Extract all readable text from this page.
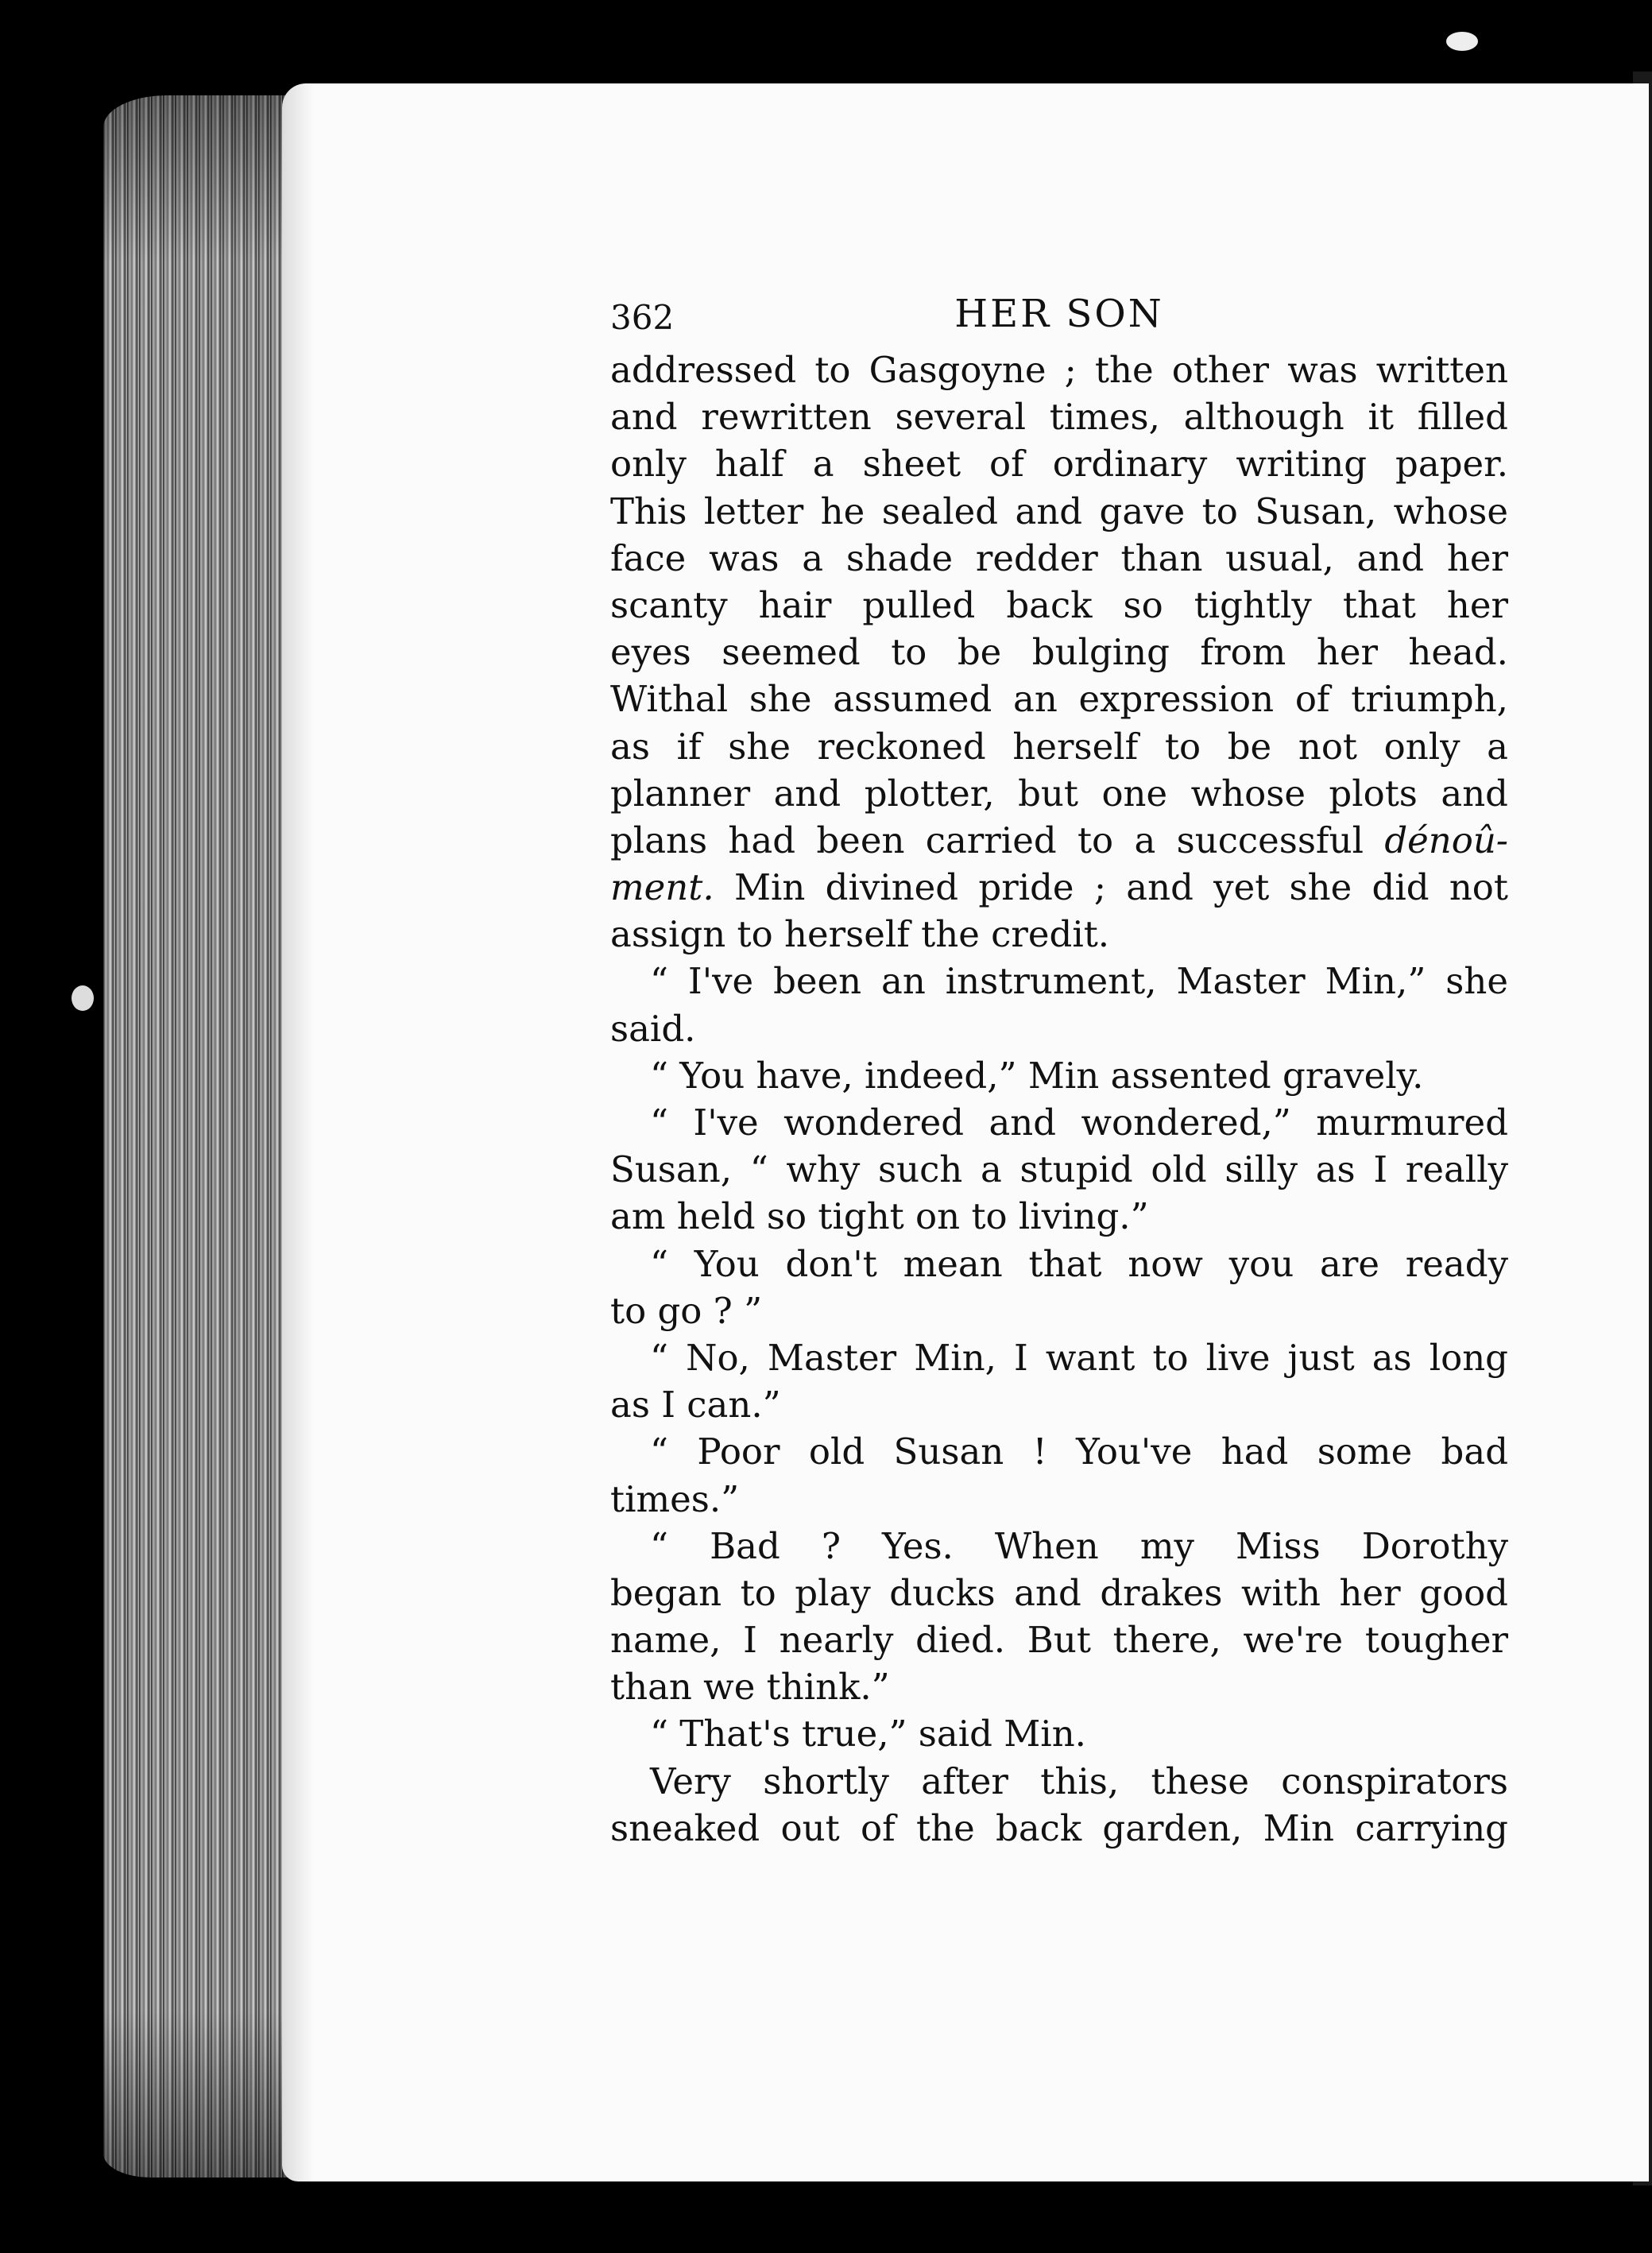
362	HER SON
addressed to Gasgoyne ; the other was written
and rewritten several times, although it filled
only half a sheet of ordinary writing paper.
This letter he sealed and gave to Susan, whose
face was a shade redder than usual, and her
scanty hair pulled back so tightly that her
eyes seemed to be bulging from her head.
Withal she assumed an expression of triumph,
as if she reckoned herself to be not only a
planner and plotter, but one whose plots and
plans had been carried to a successful dénoû-
ment. Min divined pride ; and yet she did not
assign to herself the credit.
“ I've been an instrument, Master Min,” she
said.
“ You have, indeed,” Min assented gravely.
“ I've wondered and wondered,” murmured
Susan, “ why such a stupid old silly as I really
am held so tight on to living.”
“ You don't mean that now you are ready
to go ? ”
“ No, Master Min, I want to live just as long
as I can.”
“ Poor old Susan ! You've had some bad
times.”
“ Bad ? Yes. When my Miss Dorothy
began to play ducks and drakes with her good
name, I nearly died. But there, we're tougher
than we think.”
“ That's true,” said Min.
Very shortly after this, these conspirators
sneaked out of the back garden, Min carrying
